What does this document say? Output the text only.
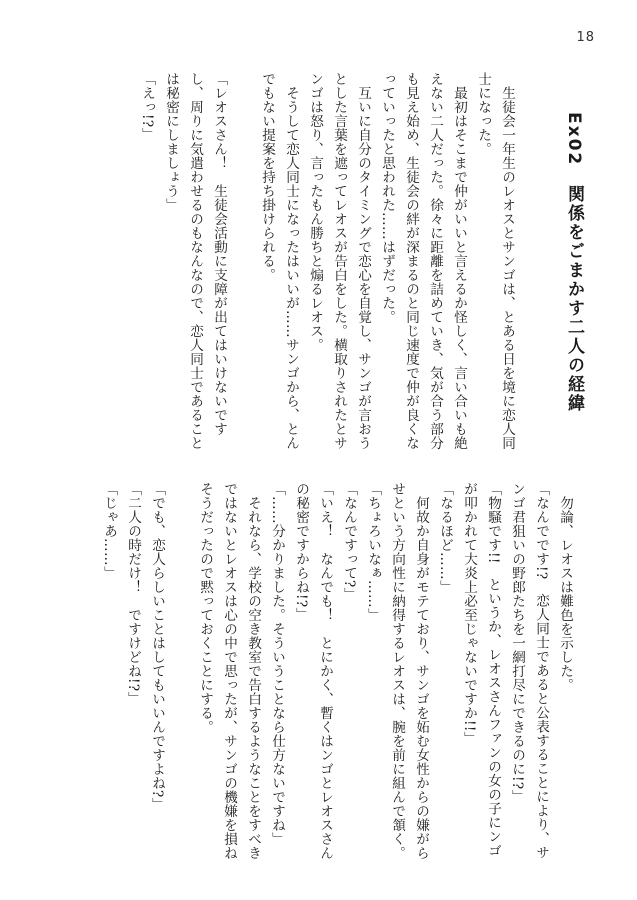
18
Ex02　関係をごまかす二人の経緯

　生徒会一年生のレオスとサンゴは、とある日を境に恋人同

士になった。

　最初はそこまで仲がいいと言えるか怪しく、言い合いも絶

えない二人だった。徐々に距離を詰めていき、気が合う部分

も見え始め、生徒会の絆が深まるのと同じ速度で仲が良くな

っていったと思われた……はずだった。

　互いに自分のタイミングで恋心を自覚し、サンゴが言おう

とした言葉を遮ってレオスが告白をした。横取りされたとサ

ンゴは怒り、言ったもん勝ちと煽るレオス。

　そうして恋人同士になったはいいが……サンゴから、とん

でもない提案を持ち掛けられる。

「レオスさん！　生徒会活動に支障が出てはいけないです

し、周りに気遣わせるのもなんなので、恋人同士であること

は秘密にしましょう」

「えっ!?」

　勿論、レオスは難色を示した。

「なんでです!?　恋人同士であると公表することにより、サ

ンゴ君狙いの野郎たちを一網打尽にできるのに!?」

「物騒です!!　というか、レオスさんファンの女の子にンゴ

が叩かれて大炎上必至じゃないですか!!」

「なるほど……」

　何故か自身がモテており、サンゴを妬む女性からの嫌がら

せという方向性に納得するレオスは、腕を前に組んで頷く。

「ちょろいなぁ……」

「なんですって?」

「いえ！　なんでも！　とにかく、暫くはンゴとレオスさん

の秘密ですからね!?」

「……分かりました。そういうことなら仕方ないですね」

　それなら、学校の空き教室で告白するようなことをすべき

ではないとレオスは心の中で思ったが、サンゴの機嫌を損ね

そうだったので黙っておくことにする。

「でも、恋人らしいことはしてもいいんですよね?」

「二人の時だけ！　ですけどね!?」

「じゃあ……」
